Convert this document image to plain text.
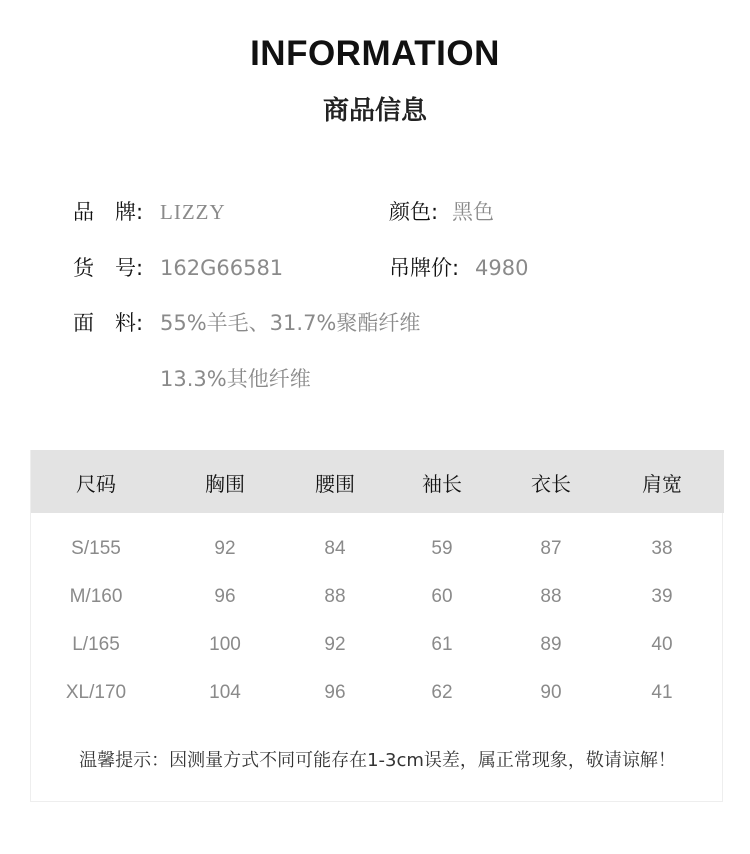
INFORMATION
商品信息
品　牌: LIZZY	颜色: 黑色
货　号: 162G66581	吊牌价: 4980
面　料: 55%羊毛、31.7%聚酯纤维
13.3%其他纤维
尺码	胸围	腰围	袖长	衣长	肩宽
S/155	92	84	59	87	38
M/160	96	88	60	88	39
L/165	100	92	61	89	40
XL/170	104	96	62	90	41
温馨提示：因测量方式不同可能存在1-3cm误差，属正常现象，敬请谅解！
